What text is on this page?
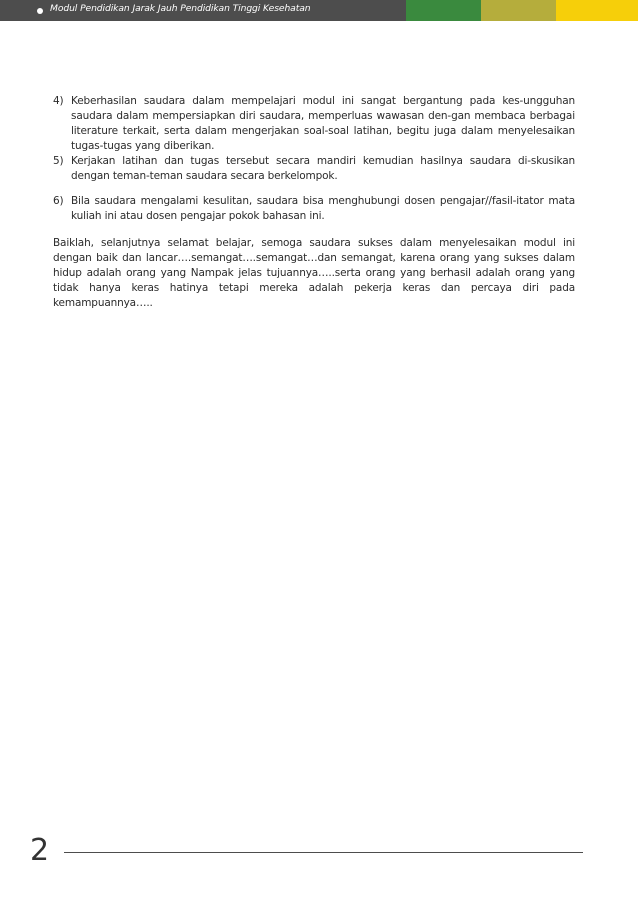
Modul Pendidikan Jarak Jauh Pendidikan Tinggi Kesehatan
4) Keberhasilan saudara dalam mempelajari modul ini sangat bergantung pada kes-ungguhan saudara dalam mempersiapkan diri saudara, memperluas wawasan den-gan membaca berbagai literature terkait, serta dalam mengerjakan soal-soal latihan, begitu juga dalam menyelesaikan tugas-tugas yang diberikan.
5) Kerjakan latihan dan tugas tersebut secara mandiri kemudian hasilnya saudara di-skusikan dengan teman-teman saudara secara berkelompok.
6) Bila saudara mengalami kesulitan, saudara bisa menghubungi dosen pengajar//fasil-itator mata kuliah ini atau dosen pengajar pokok bahasan ini.
Baiklah, selanjutnya selamat belajar, semoga saudara sukses dalam menyelesaikan modul ini dengan baik dan lancar….semangat….semangat…dan semangat, karena orang yang sukses dalam hidup adalah orang yang Nampak jelas tujuannya…..serta orang yang berhasil adalah orang yang tidak hanya keras hatinya tetapi mereka adalah pekerja keras dan percaya diri pada kemampuannya…..
2
